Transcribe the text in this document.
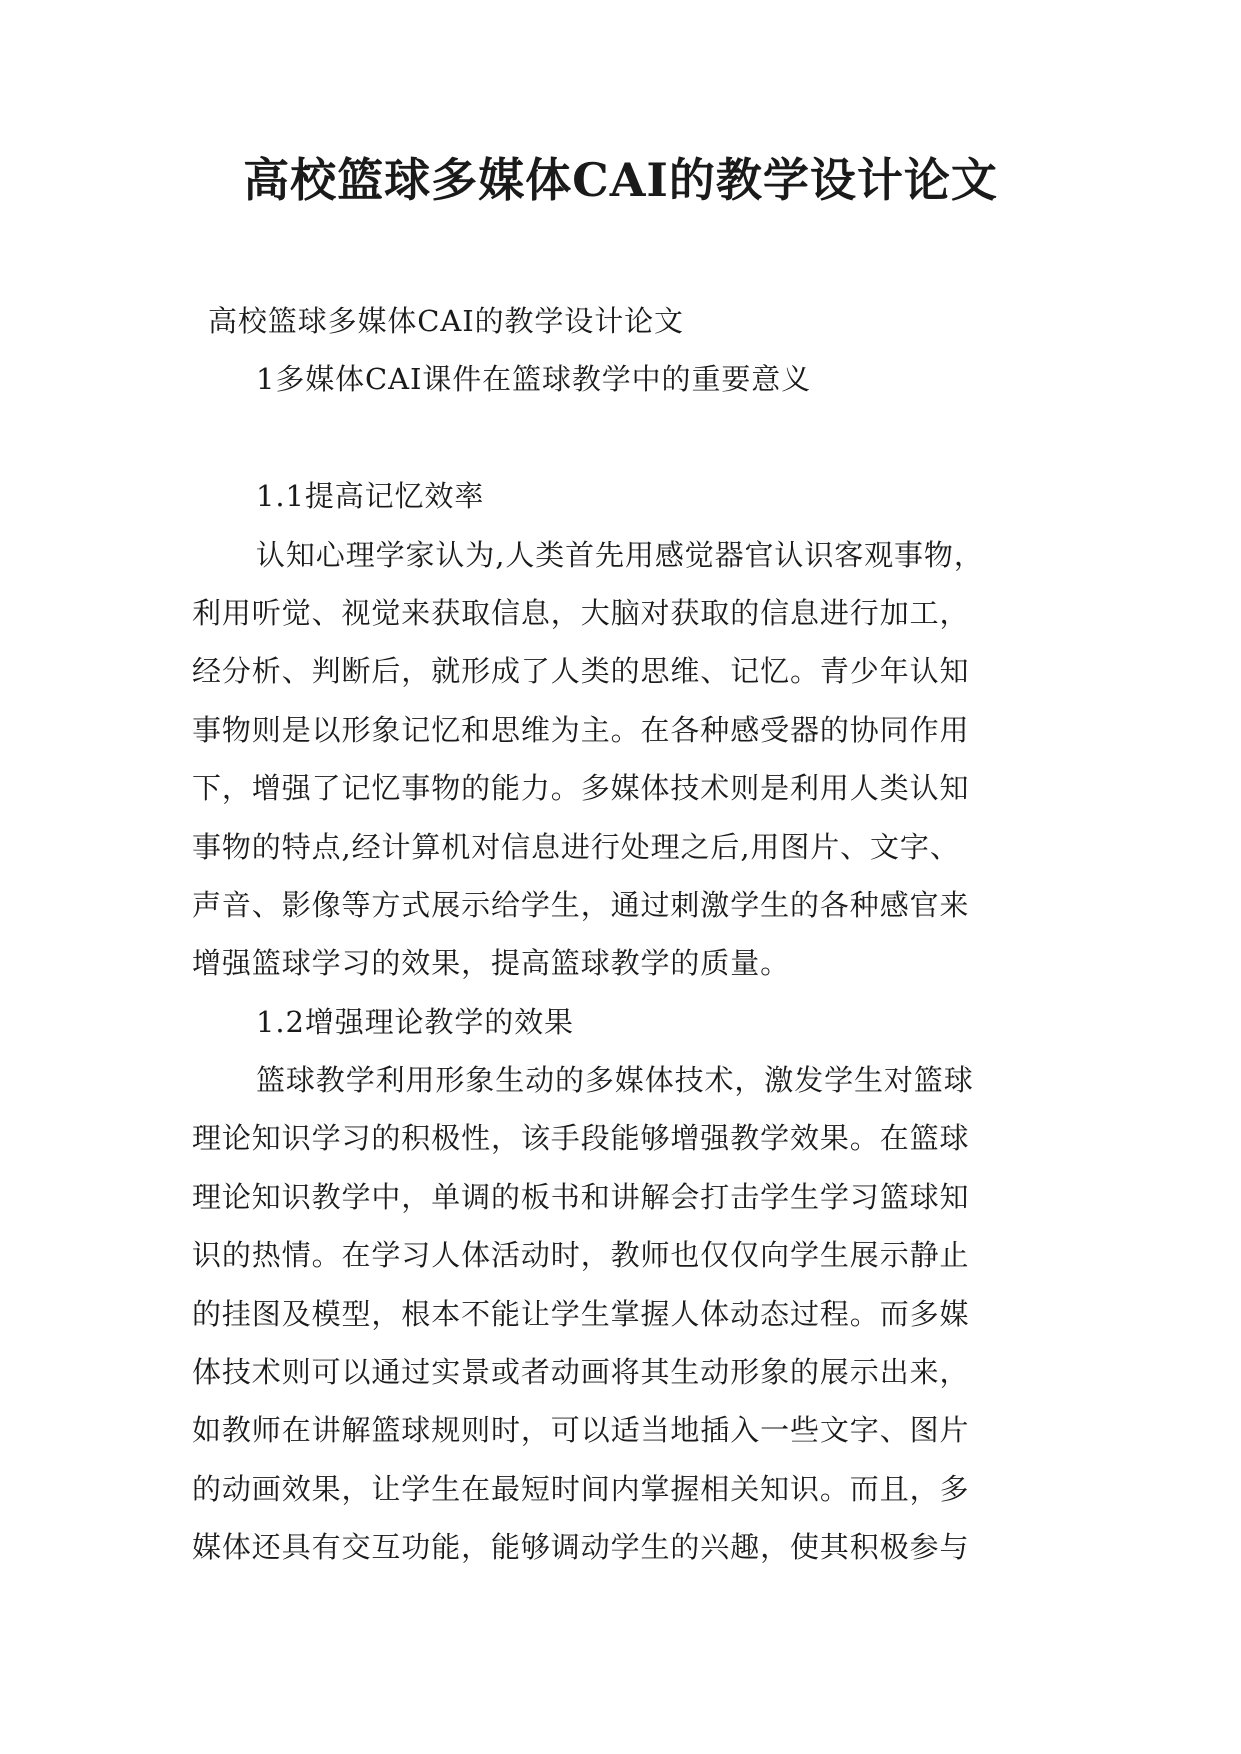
高校篮球多媒体CAI的教学设计论文
高校篮球多媒体CAI的教学设计论文
1多媒体CAI课件在篮球教学中的重要意义
1.1提高记忆效率
认知心理学家认为,人类首先用感觉器官认识客观事物，
利用听觉、视觉来获取信息，大脑对获取的信息进行加工，
经分析、判断后，就形成了人类的思维、记忆。青少年认知
事物则是以形象记忆和思维为主。在各种感受器的协同作用
下，增强了记忆事物的能力。多媒体技术则是利用人类认知
事物的特点,经计算机对信息进行处理之后,用图片、文字、
声音、影像等方式展示给学生，通过刺激学生的各种感官来
增强篮球学习的效果，提高篮球教学的质量。
1.2增强理论教学的效果
篮球教学利用形象生动的多媒体技术，激发学生对篮球
理论知识学习的积极性，该手段能够增强教学效果。在篮球
理论知识教学中，单调的板书和讲解会打击学生学习篮球知
识的热情。在学习人体活动时，教师也仅仅向学生展示静止
的挂图及模型，根本不能让学生掌握人体动态过程。而多媒
体技术则可以通过实景或者动画将其生动形象的展示出来，
如教师在讲解篮球规则时，可以适当地插入一些文字、图片
的动画效果，让学生在最短时间内掌握相关知识。而且，多
媒体还具有交互功能，能够调动学生的兴趣，使其积极参与
